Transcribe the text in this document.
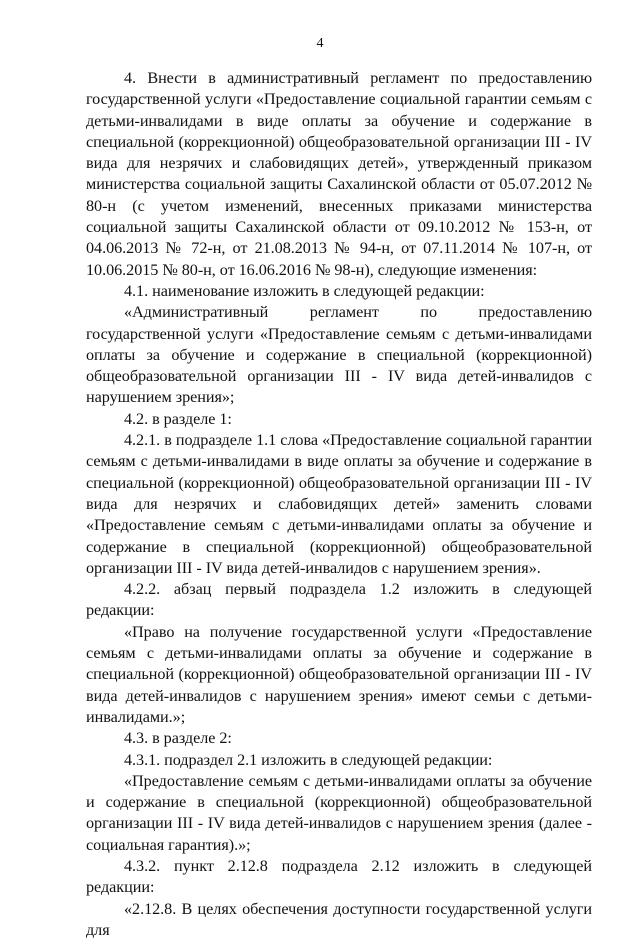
4

4. Внести в административный регламент по предоставлению государственной услуги «Предоставление социальной гарантии семьям с детьми-инвалидами в виде оплаты за обучение и содержание в специальной (коррекционной) общеобразовательной организации III - IV вида для незрячих и слабовидящих детей», утвержденный приказом министерства социальной защиты Сахалинской области от 05.07.2012 № 80-н (с учетом изменений, внесенных приказами министерства социальной защиты Сахалинской области от 09.10.2012 № 153-н, от 04.06.2013 № 72-н, от 21.08.2013 № 94-н, от 07.11.2014 № 107-н, от 10.06.2015 № 80-н, от 16.06.2016 № 98-н), следующие изменения:

4.1. наименование изложить в следующей редакции:

«Административный регламент по предоставлению государственной услуги «Предоставление семьям с детьми-инвалидами оплаты за обучение и содержание в специальной (коррекционной) общеобразовательной организации III - IV вида детей-инвалидов с нарушением зрения»;

4.2. в разделе 1:

4.2.1. в подразделе 1.1 слова «Предоставление социальной гарантии семьям с детьми-инвалидами в виде оплаты за обучение и содержание в специальной (коррекционной) общеобразовательной организации III - IV вида для незрячих и слабовидящих детей» заменить словами «Предоставление семьям с детьми-инвалидами оплаты за обучение и содержание в специальной (коррекционной) общеобразовательной организации III - IV вида детей-инвалидов с нарушением зрения».

4.2.2. абзац первый подраздела 1.2 изложить в следующей редакции:

«Право на получение государственной услуги «Предоставление семьям с детьми-инвалидами оплаты за обучение и содержание в специальной (коррекционной) общеобразовательной организации III - IV вида детей-инвалидов с нарушением зрения» имеют семьи с детьми-инвалидами.»;

4.3. в разделе 2:

4.3.1. подраздел 2.1 изложить в следующей редакции:

«Предоставление семьям с детьми-инвалидами оплаты за обучение и содержание в специальной (коррекционной) общеобразовательной организации III - IV вида детей-инвалидов с нарушением зрения (далее - социальная гарантия).»;

4.3.2. пункт 2.12.8 подраздела 2.12 изложить в следующей редакции:

«2.12.8. В целях обеспечения доступности государственной услуги для
